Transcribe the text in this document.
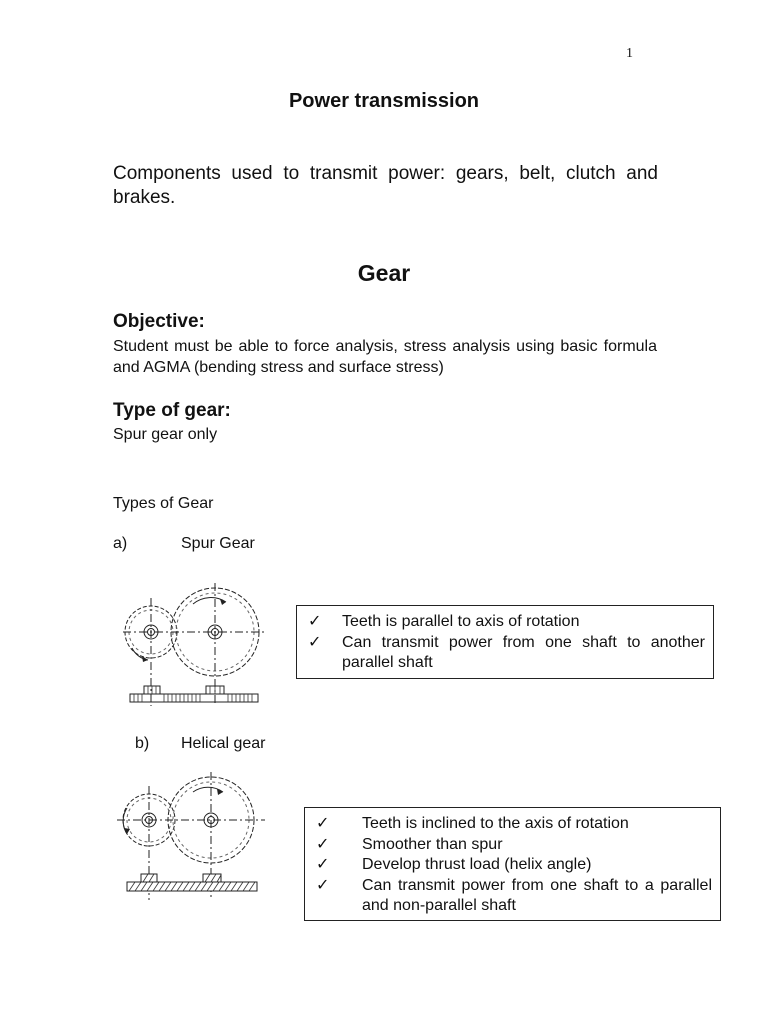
1
Power transmission
Components used to transmit power: gears, belt, clutch and brakes.
Gear
Objective:
Student must be able to force analysis, stress analysis using basic formula and AGMA (bending stress and surface stress)
Type of gear:
Spur gear only
Types of Gear
a)	Spur Gear
✓	Teeth is parallel to axis of rotation
✓	Can transmit power from one shaft to another parallel shaft
b) Helical gear
✓	Teeth is inclined to the axis of rotation
✓	Smoother than spur
✓	Develop thrust load (helix angle)
✓	Can transmit power from one shaft to a parallel and non-parallel shaft
